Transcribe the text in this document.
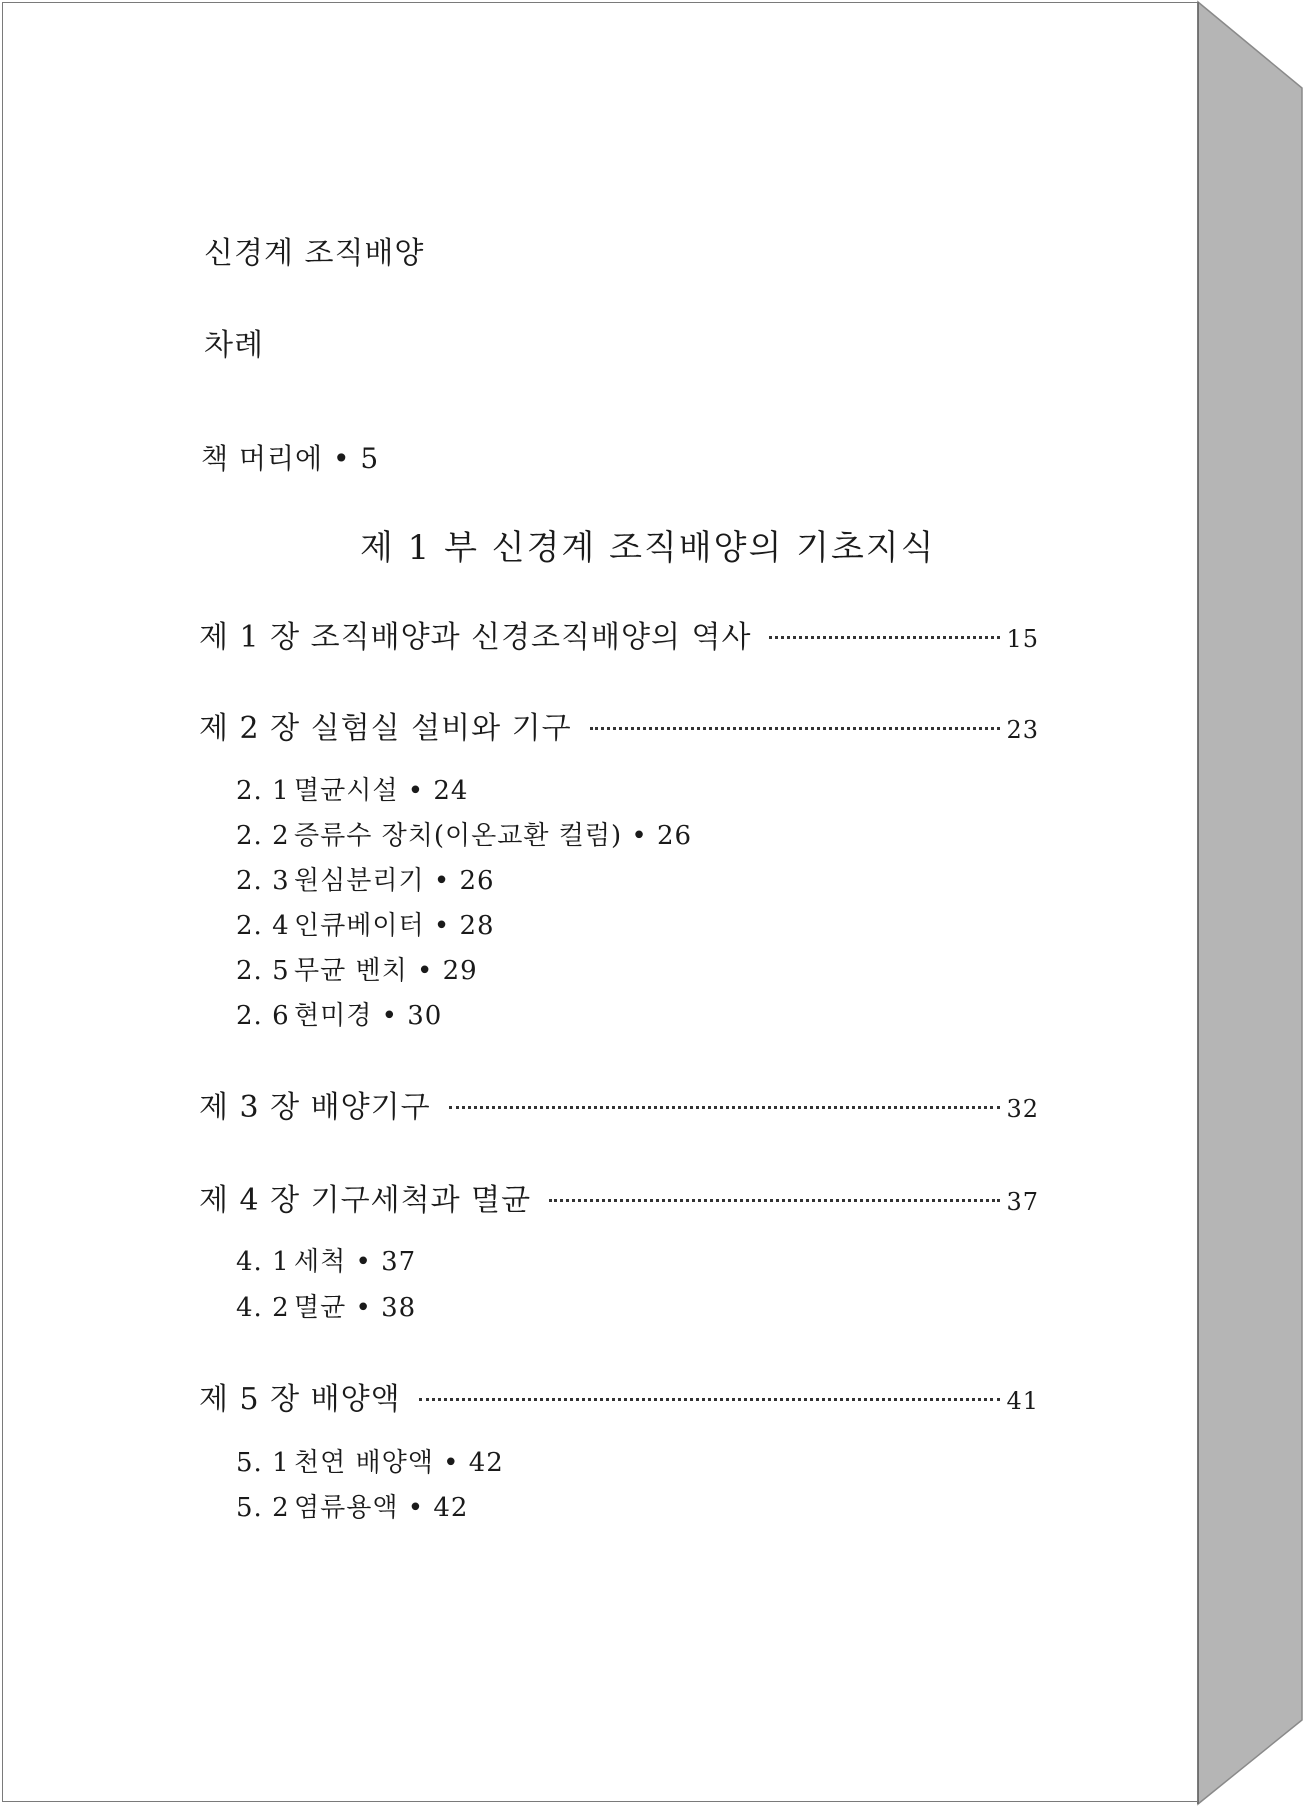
신경계 조직배양
차례
책 머리에 • 5
제 1 부 신경계 조직배양의 기초지식
제 1 장 조직배양과 신경조직배양의 역사	15
제 2 장 실험실 설비와 기구	23
2. 1 멸균시설 • 24
2. 2 증류수 장치(이온교환 컬럼) • 26
2. 3 원심분리기 • 26
2. 4 인큐베이터 • 28
2. 5 무균 벤치 • 29
2. 6 현미경 • 30
제 3 장 배양기구	32
제 4 장 기구세척과 멸균	37
4. 1 세척 • 37
4. 2 멸균 • 38
제 5 장 배양액	41
5. 1 천연 배양액 • 42
5. 2 염류용액 • 42
